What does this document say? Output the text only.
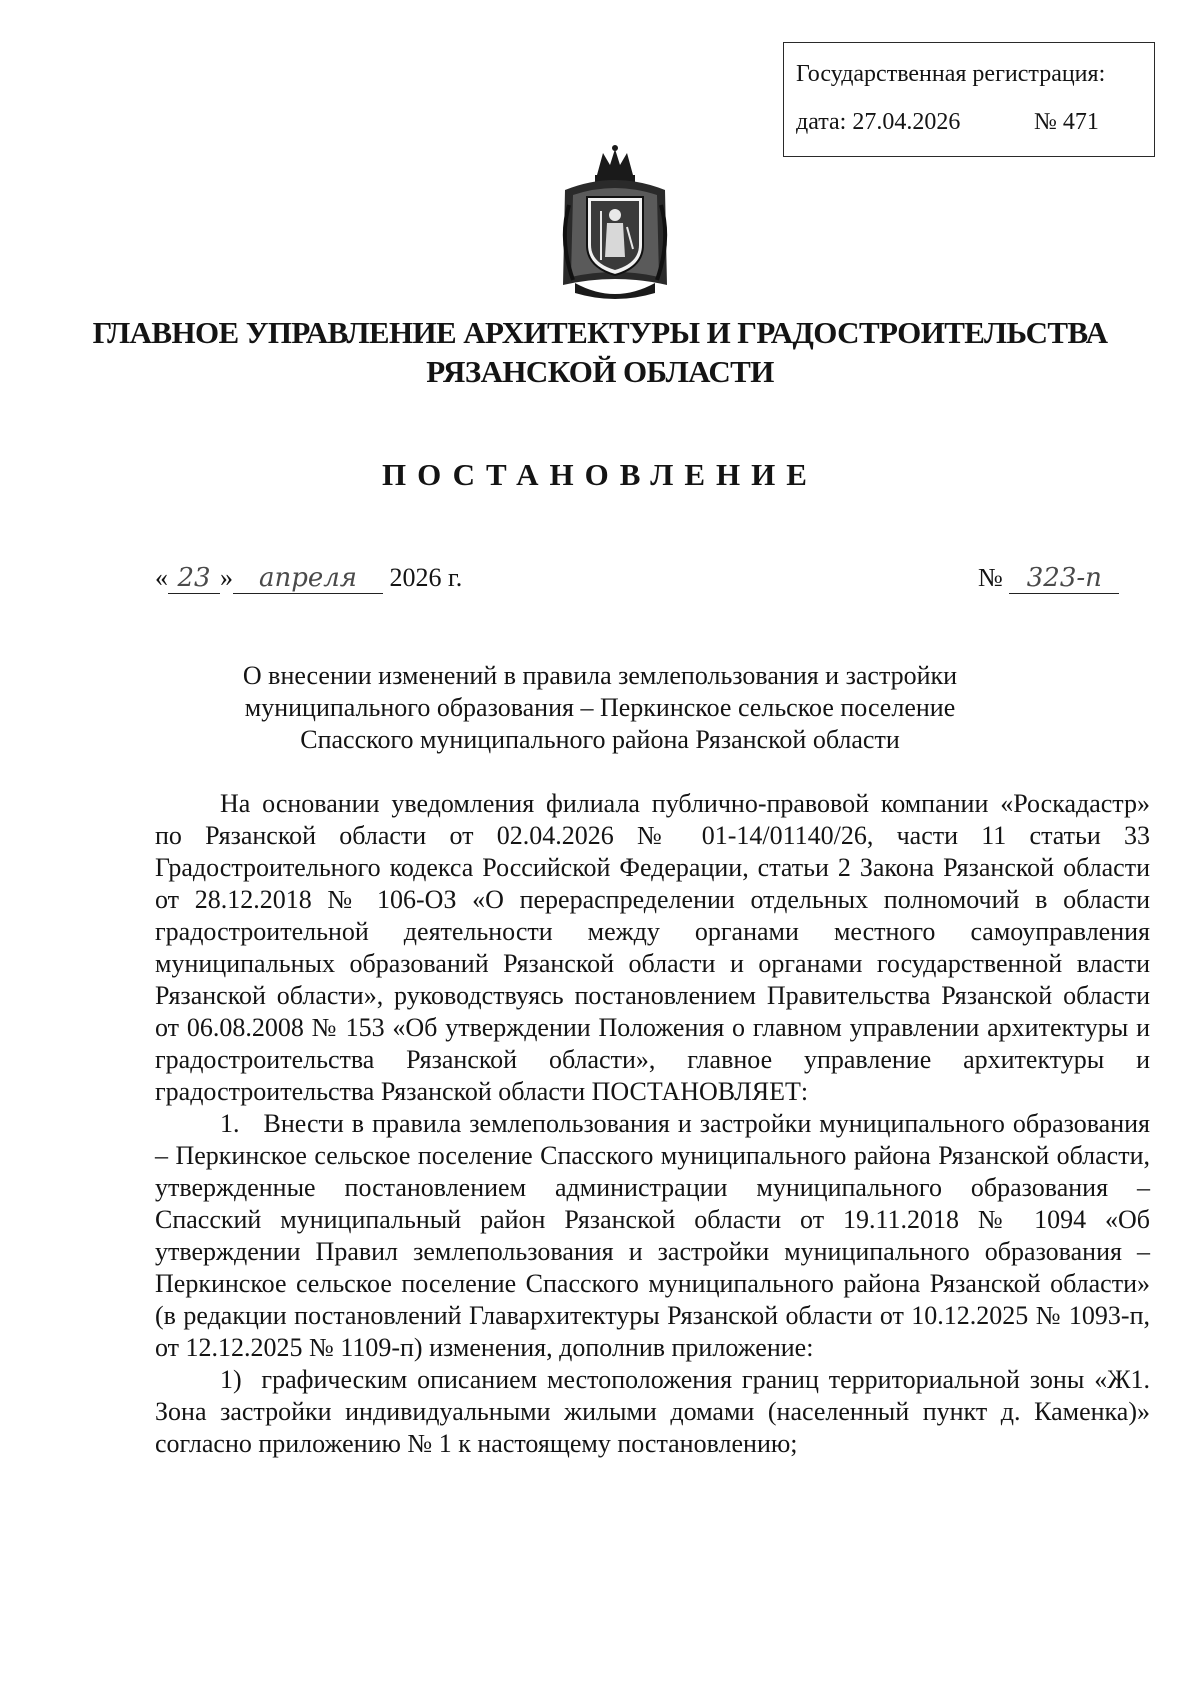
Государственная регистрация:
дата: 27.04.2026	№ 471
ГЛАВНОЕ УПРАВЛЕНИЕ АРХИТЕКТУРЫ И ГРАДОСТРОИТЕЛЬСТВА
РЯЗАНСКОЙ ОБЛАСТИ
ПОСТАНОВЛЕНИЕ
« 23 » апреля 2026 г.	№ 323-п
О внесении изменений в правила землепользования и застройки
муниципального образования – Перкинское сельское поселение
Спасского муниципального района Рязанской области

На основании уведомления филиала публично-правовой компании «Роскадастр» по Рязанской области от 02.04.2026 № 01-14/01140/26, части 11 статьи 33 Градостроительного кодекса Российской Федерации, статьи 2 Закона Рязанской области от 28.12.2018 № 106-ОЗ «О перераспределении отдельных полномочий в области градостроительной деятельности между органами местного самоуправления муниципальных образований Рязанской области и органами государственной власти Рязанской области», руководствуясь постановлением Правительства Рязанской области от 06.08.2008 № 153 «Об утверждении Положения о главном управлении архитектуры и градостроительства Рязанской области», главное управление архитектуры и градостроительства Рязанской области ПОСТАНОВЛЯЕТ:

1.   Внести в правила землепользования и застройки муниципального образования – Перкинское сельское поселение Спасского муниципального района Рязанской области, утвержденные постановлением администрации муниципального образования – Спасский муниципальный район Рязанской области от 19.11.2018 № 1094 «Об утверждении Правил землепользования и застройки муниципального образования – Перкинское сельское поселение Спасского муниципального района Рязанской области» (в редакции постановлений Главархитектуры Рязанской области от 10.12.2025 № 1093-п, от 12.12.2025 № 1109-п) изменения, дополнив приложение:

1)  графическим описанием местоположения границ территориальной зоны «Ж1. Зона застройки индивидуальными жилыми домами (населенный пункт д. Каменка)» согласно приложению № 1 к настоящему постановлению;
